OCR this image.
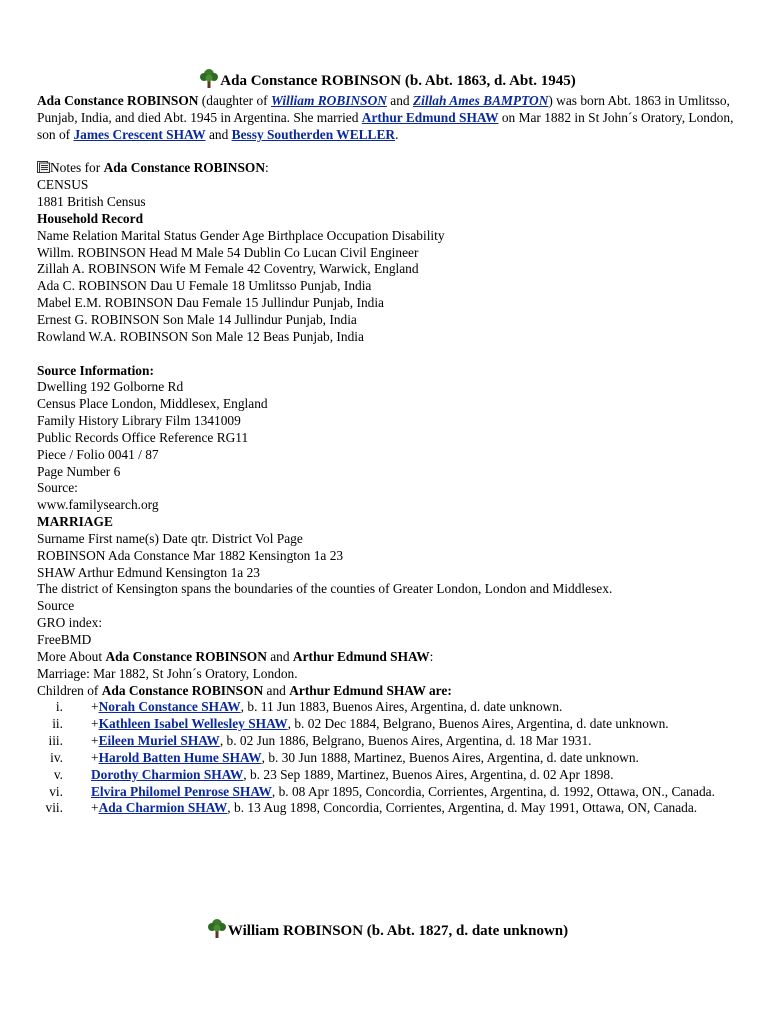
Ada Constance ROBINSON (b. Abt. 1863, d. Abt. 1945)

Ada Constance ROBINSON (daughter of William ROBINSON and Zillah Ames BAMPTON) was born Abt. 1863 in Umlitsso, Punjab, India, and died Abt. 1945 in Argentina. She married Arthur Edmund SHAW on Mar 1882 in St John´s Oratory, London, son of James Crescent SHAW and Bessy Southerden WELLER.

Notes for Ada Constance ROBINSON:

CENSUS

1881 British Census

Household Record

Name Relation Marital Status Gender Age Birthplace Occupation Disability

Willm. ROBINSON Head M Male 54 Dublin Co Lucan Civil Engineer

Zillah A. ROBINSON Wife M Female 42 Coventry, Warwick, England

Ada C. ROBINSON Dau U Female 18 Umlitsso Punjab, India

Mabel E.M. ROBINSON Dau Female 15 Jullindur Punjab, India

Ernest G. ROBINSON Son Male 14 Jullindur Punjab, India

Rowland W.A. ROBINSON Son Male 12 Beas Punjab, India

Source Information:

Dwelling 192 Golborne Rd

Census Place London, Middlesex, England

Family History Library Film 1341009

Public Records Office Reference RG11

Piece / Folio 0041 / 87

Page Number 6

Source:

www.familysearch.org

MARRIAGE

Surname First name(s) Date qtr. District Vol Page

ROBINSON Ada Constance Mar 1882 Kensington 1a 23

SHAW Arthur Edmund Kensington 1a 23

The district of Kensington spans the boundaries of the counties of Greater London, London and Middlesex.

Source

GRO index:

FreeBMD

More About Ada Constance ROBINSON and Arthur Edmund SHAW:

Marriage: Mar 1882, St John´s Oratory, London.

Children of Ada Constance ROBINSON and Arthur Edmund SHAW are:

i. +Norah Constance SHAW, b. 11 Jun 1883, Buenos Aires, Argentina, d. date unknown.
ii. +Kathleen Isabel Wellesley SHAW, b. 02 Dec 1884, Belgrano, Buenos Aires, Argentina, d. date unknown.
iii. +Eileen Muriel SHAW, b. 02 Jun 1886, Belgrano, Buenos Aires, Argentina, d. 18 Mar 1931.
iv. +Harold Batten Hume SHAW, b. 30 Jun 1888, Martinez, Buenos Aires, Argentina, d. date unknown.
v. Dorothy Charmion SHAW, b. 23 Sep 1889, Martinez, Buenos Aires, Argentina, d. 02 Apr 1898.
vi. Elvira Philomel Penrose SHAW, b. 08 Apr 1895, Concordia, Corrientes, Argentina, d. 1992, Ottawa, ON., Canada.
vii. +Ada Charmion SHAW, b. 13 Aug 1898, Concordia, Corrientes, Argentina, d. May 1991, Ottawa, ON, Canada.
William ROBINSON (b. Abt. 1827, d. date unknown)
